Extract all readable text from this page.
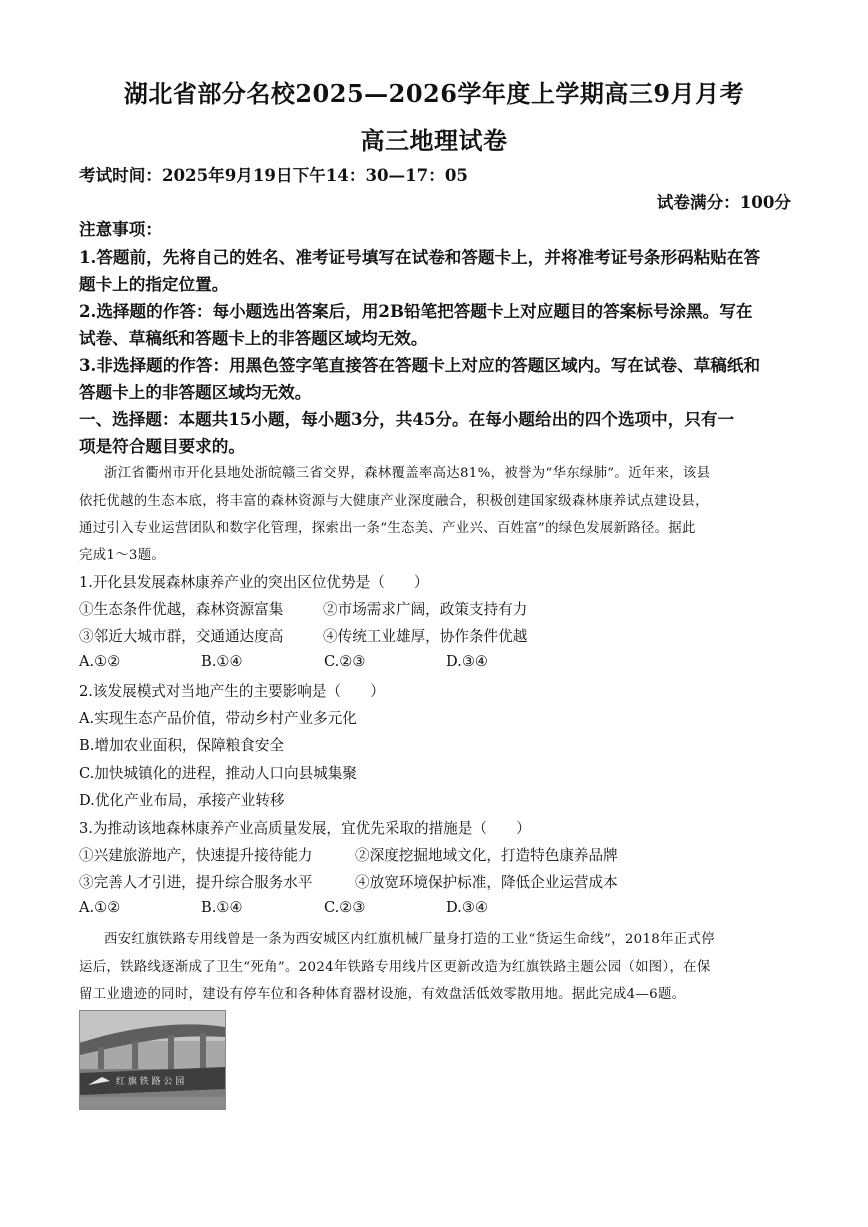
湖北省部分名校2025—2026学年度上学期高三9月月考
高三地理试卷
考试时间：2025年9月19日下午14：30—17：05
试卷满分：100分
注意事项：
1.答题前，先将自己的姓名、准考证号填写在试卷和答题卡上，并将准考证号条形码粘贴在答
题卡上的指定位置。
2.选择题的作答：每小题选出答案后，用2B铅笔把答题卡上对应题目的答案标号涂黑。写在
试卷、草稿纸和答题卡上的非答题区域均无效。
3.非选择题的作答：用黑色签字笔直接答在答题卡上对应的答题区域内。写在试卷、草稿纸和
答题卡上的非答题区域均无效。
一、选择题：本题共15小题，每小题3分，共45分。在每小题给出的四个选项中，只有一
项是符合题目要求的。
浙江省衢州市开化县地处浙皖赣三省交界，森林覆盖率高达81%，被誉为“华东绿肺”。近年来，该县
依托优越的生态本底，将丰富的森林资源与大健康产业深度融合，积极创建国家级森林康养试点建设县，
通过引入专业运营团队和数字化管理，探索出一条“生态美、产业兴、百姓富”的绿色发展新路径。据此
完成1～3题。
1.开化县发展森林康养产业的突出区位优势是（　　）
①生态条件优越，森林资源富集	②市场需求广阔，政策支持有力
③邻近大城市群，交通通达度高	④传统工业雄厚，协作条件优越
A.①②	B.①④	C.②③	D.③④
2.该发展模式对当地产生的主要影响是（　　）
A.实现生态产品价值，带动乡村产业多元化
B.增加农业面积，保障粮食安全
C.加快城镇化的进程，推动人口向县城集聚
D.优化产业布局，承接产业转移
3.为推动该地森林康养产业高质量发展，宜优先采取的措施是（　　）
①兴建旅游地产，快速提升接待能力	②深度挖掘地域文化，打造特色康养品牌
③完善人才引进，提升综合服务水平	④放宽环境保护标准，降低企业运营成本
A.①②	B.①④	C.②③	D.③④
西安红旗铁路专用线曾是一条为西安城区内红旗机械厂量身打造的工业“货运生命线”，2018年正式停
运后，铁路线逐渐成了卫生“死角”。2024年铁路专用线片区更新改造为红旗铁路主题公园（如图），在保
留工业遗迹的同时，建设有停车位和各种体育器材设施，有效盘活低效零散用地。据此完成4—6题。
红 旗 铁 路 公 园
